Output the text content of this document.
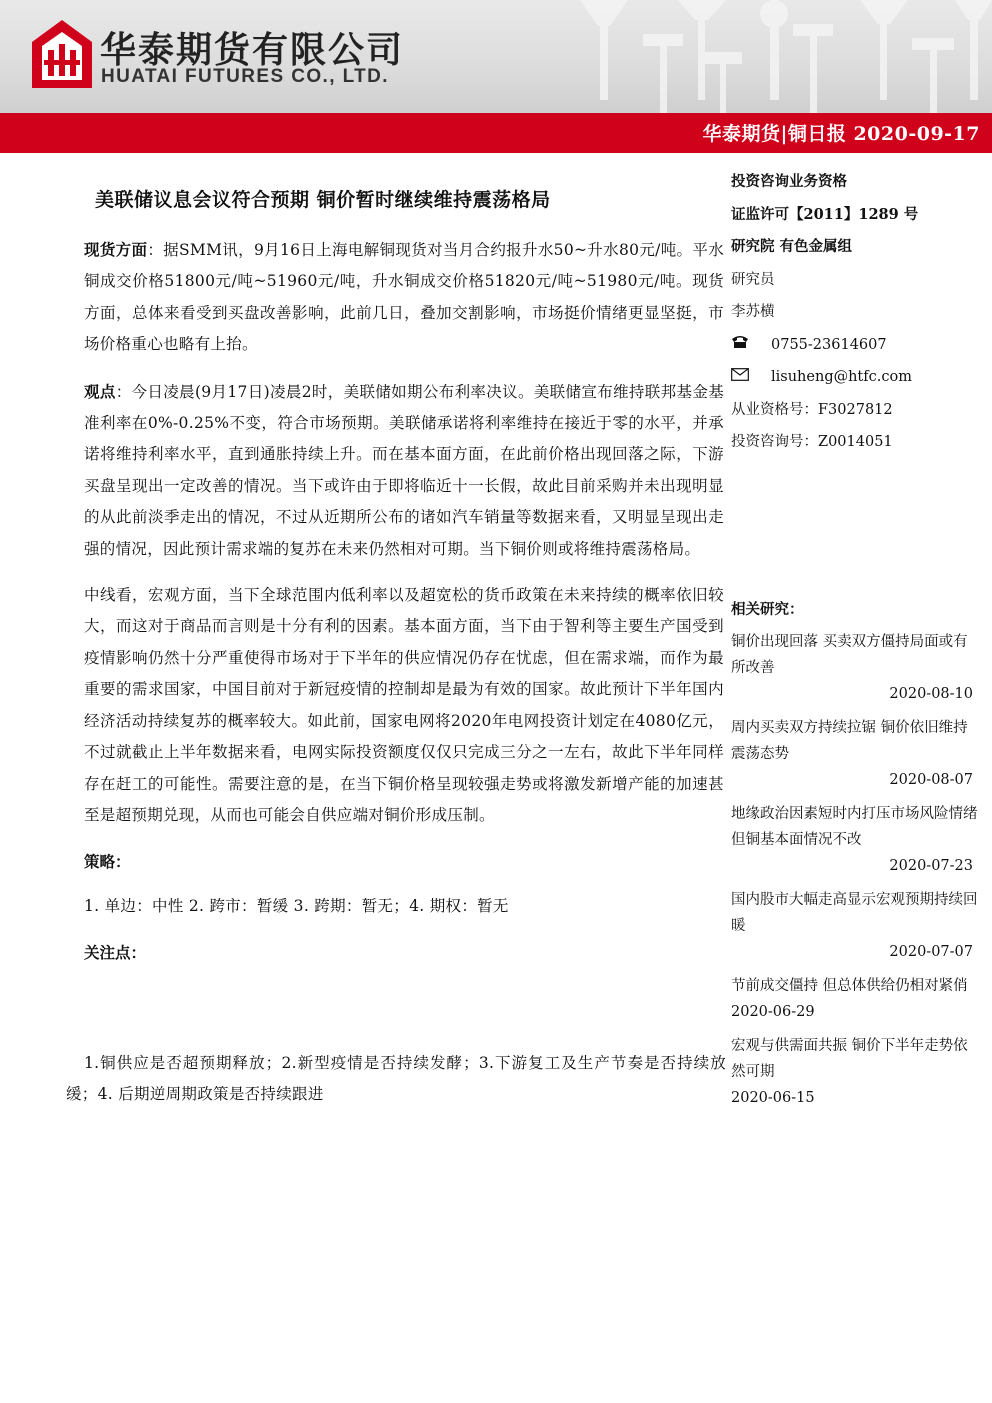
华泰期货有限公司
HUATAI FUTURES CO., LTD.
华泰期货|铜日报 2020-09-17
美联储议息会议符合预期 铜价暂时继续维持震荡格局

现货方面：据SMM讯，9月16日上海电解铜现货对当月合约报升水50~升水80元/吨。平水铜成交价格51800元/吨~51960元/吨，升水铜成交价格51820元/吨~51980元/吨。现货方面，总体来看受到买盘改善影响，此前几日，叠加交割影响，市场挺价情绪更显坚挺，市场价格重心也略有上抬。

观点：今日凌晨(9月17日)凌晨2时，美联储如期公布利率决议。美联储宣布维持联邦基金基准利率在0%-0.25%不变，符合市场预期。美联储承诺将利率维持在接近于零的水平，并承诺将维持利率水平，直到通胀持续上升。而在基本面方面，在此前价格出现回落之际，下游买盘呈现出一定改善的情况。当下或许由于即将临近十一长假，故此目前采购并未出现明显的从此前淡季走出的情况，不过从近期所公布的诸如汽车销量等数据来看，又明显呈现出走强的情况，因此预计需求端的复苏在未来仍然相对可期。当下铜价则或将维持震荡格局。

中线看，宏观方面，当下全球范围内低利率以及超宽松的货币政策在未来持续的概率依旧较大，而这对于商品而言则是十分有利的因素。基本面方面，当下由于智利等主要生产国受到疫情影响仍然十分严重使得市场对于下半年的供应情况仍存在忧虑，但在需求端，而作为最重要的需求国家，中国目前对于新冠疫情的控制却是最为有效的国家。故此预计下半年国内经济活动持续复苏的概率较大。如此前，国家电网将2020年电网投资计划定在4080亿元，不过就截止上半年数据来看，电网实际投资额度仅仅只完成三分之一左右，故此下半年同样存在赶工的可能性。需要注意的是，在当下铜价格呈现较强走势或将激发新增产能的加速甚至是超预期兑现，从而也可能会自供应端对铜价形成压制。

策略：

1. 单边：中性 2. 跨市：暂缓 3. 跨期：暂无；4. 期权：暂无

关注点：

1.铜供应是否超预期释放；2.新型疫情是否持续发酵；3.下游复工及生产节奏是否持续放缓；4. 后期逆周期政策是否持续跟进

投资咨询业务资格
证监许可【2011】1289 号
研究院 有色金属组
研究员
李苏横
0755-23614607
lisuheng@htfc.com
从业资格号：F3027812
投资咨询号：Z0014051
相关研究：
铜价出现回落 买卖双方僵持局面或有所改善
2020-08-10
周内买卖双方持续拉锯 铜价依旧维持震荡态势
2020-08-07
地缘政治因素短时内打压市场风险情绪 但铜基本面情况不改
2020-07-23
国内股市大幅走高显示宏观预期持续回暖
2020-07-07
节前成交僵持 但总体供给仍相对紧俏
2020-06-29
宏观与供需面共振 铜价下半年走势依然可期
2020-06-15
